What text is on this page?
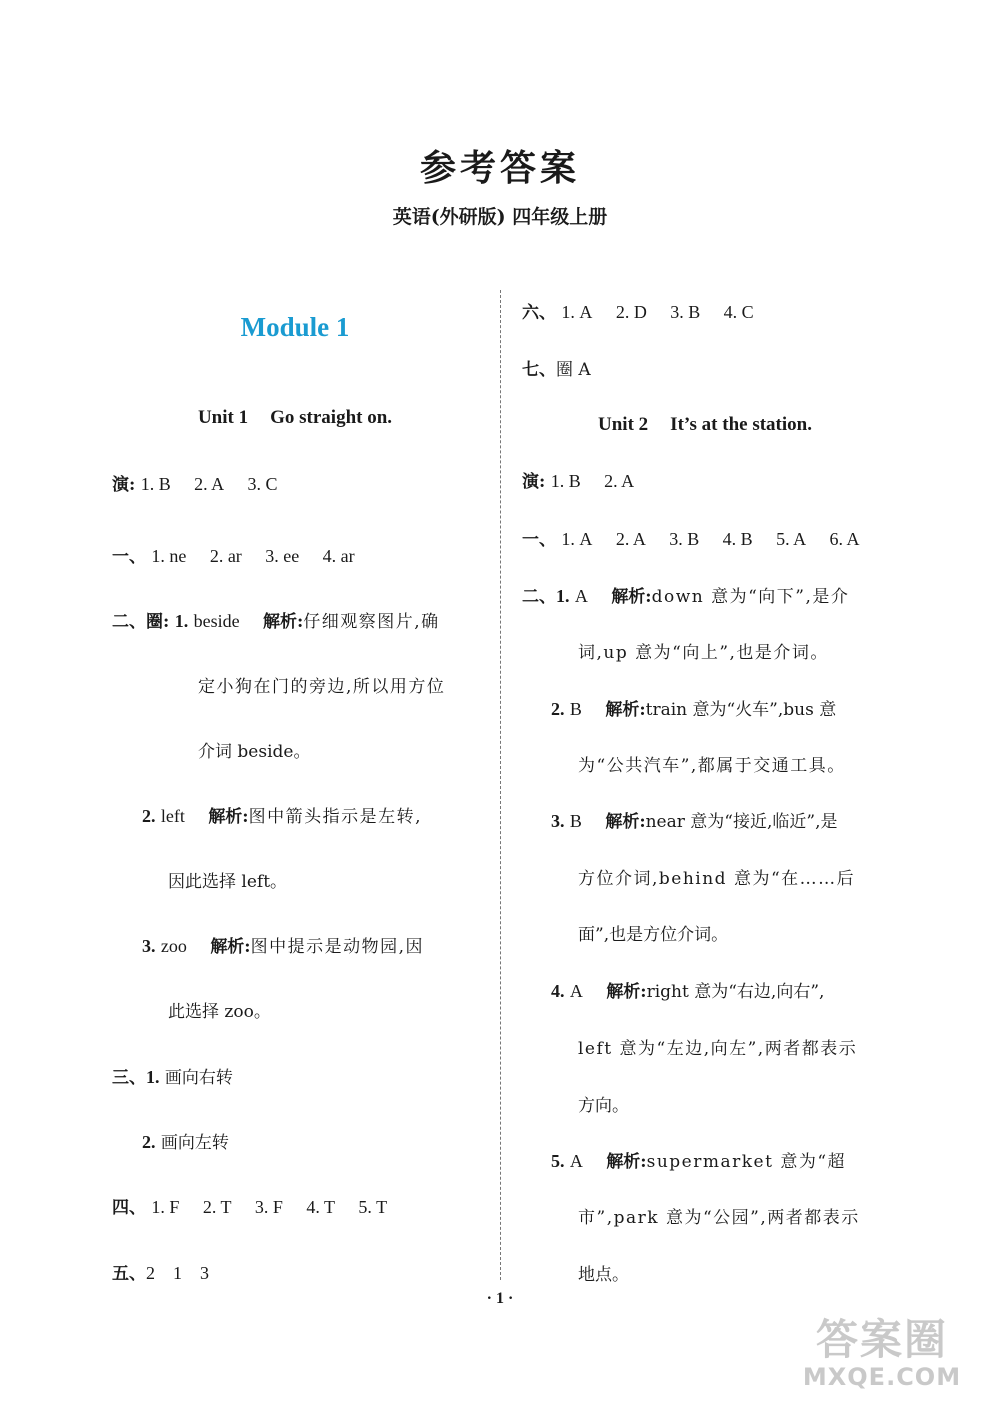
参考答案
英语(外研版) 四年级上册
Module 1
Unit 1 Go straight on.
演: 1. B 2. A 3. C
一、 1. ne 2. ar 3. ee 4. ar
二、圈: 1. beside 解析:仔细观察图片,确
定小狗在门的旁边,所以用方位
介词 beside。
2. left 解析:图中箭头指示是左转,
因此选择 left。
3. zoo 解析:图中提示是动物园,因
此选择 zoo。
三、1. 画向右转
2. 画向左转
四、 1. F 2. T 3. F 4. T 5. T
五、2　1　3
六、 1. A 2. D 3. B 4. C
七、圈 A
Unit 2 It’s at the station.
演: 1. B 2. A
一、 1. A 2. A 3. B 4. B 5. A 6. A
二、1. A 解析:down 意为“向下”,是介
词,up 意为“向上”,也是介词。
2. B 解析:train 意为“火车”,bus 意
为“公共汽车”,都属于交通工具。
3. B 解析:near 意为“接近,临近”,是
方位介词,behind 意为“在……后
面”,也是方位介词。
4. A 解析:right 意为“右边,向右”,
left 意为“左边,向左”,两者都表示
方向。
5. A 解析:supermarket 意为“超
市”,park 意为“公园”,两者都表示
地点。
· 1 ·
答案圈
MXQE.COM
